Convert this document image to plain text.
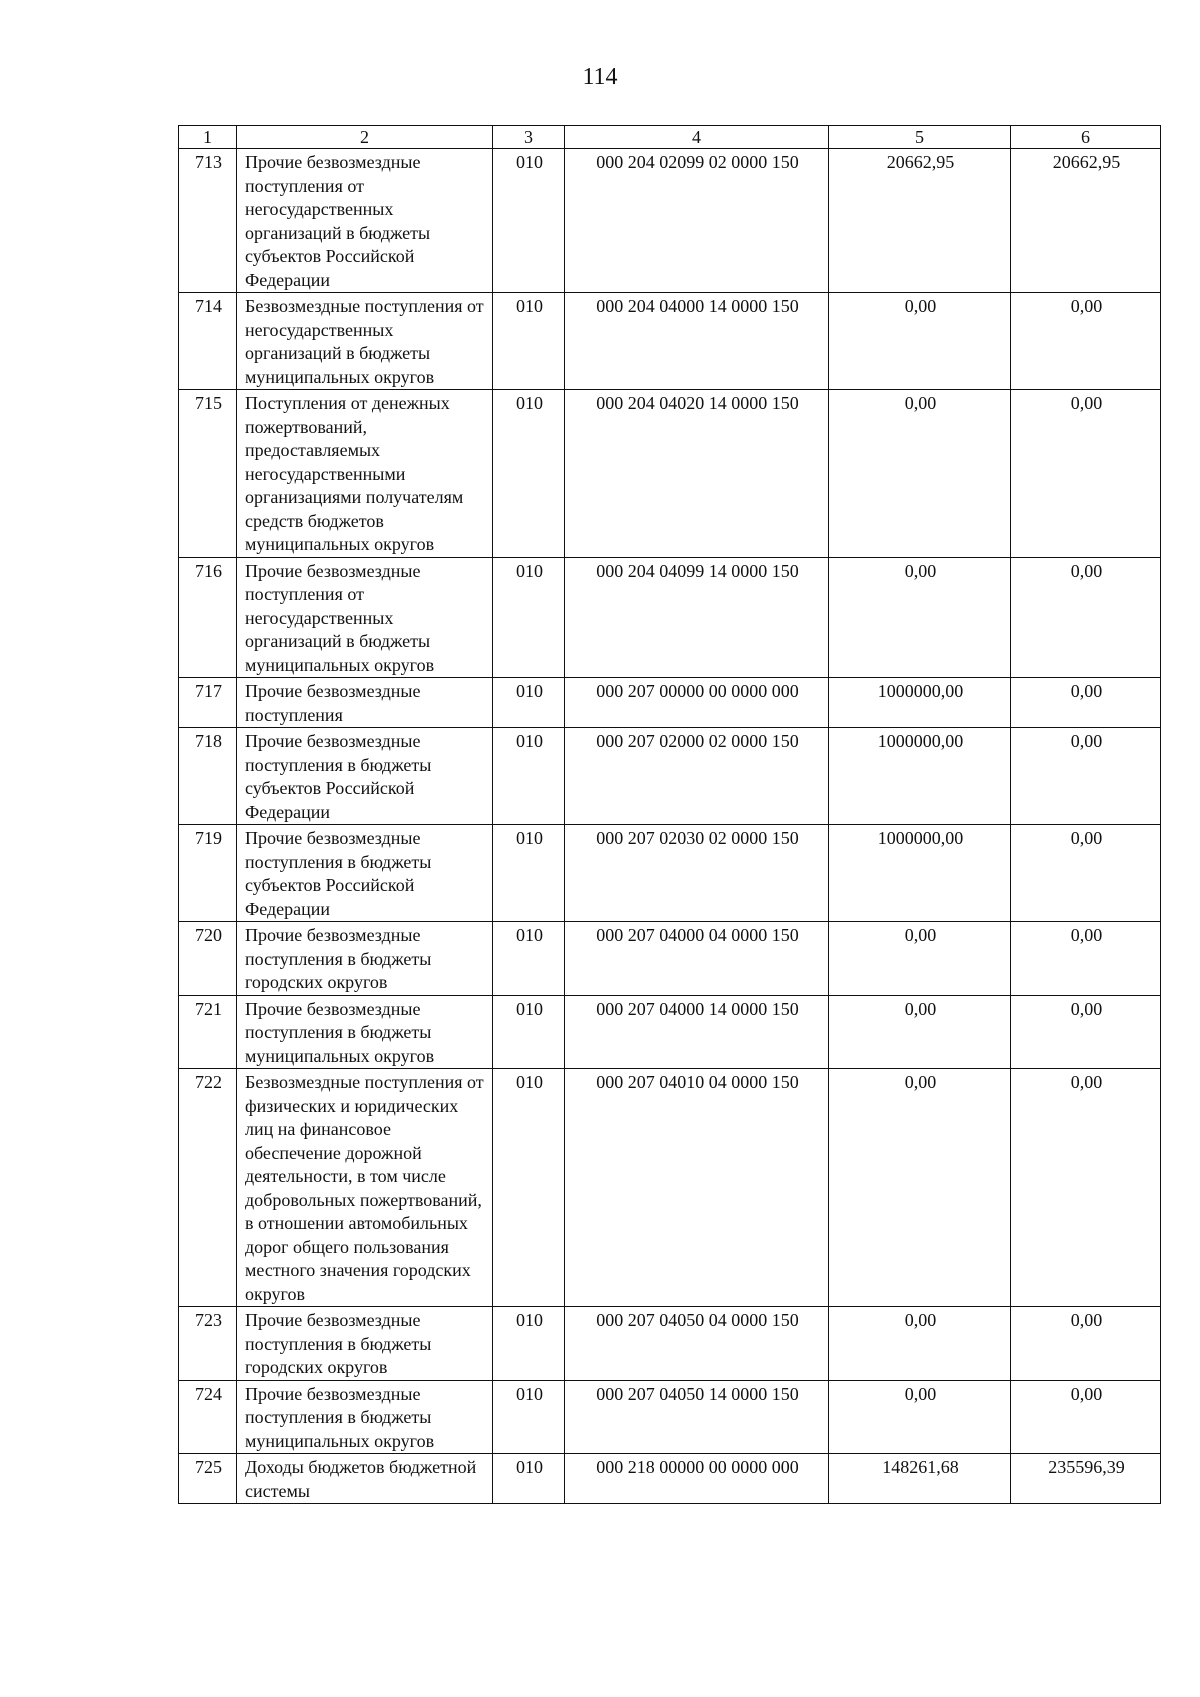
114
1	2	3	4	5	6
713	Прочие безвозмездные поступления от негосударственных организаций в бюджеты субъектов Российской Федерации	010	000 204 02099 02 0000 150	20662,95	20662,95
714	Безвозмездные поступления от негосударственных организаций в бюджеты муниципальных округов	010	000 204 04000 14 0000 150	0,00	0,00
715	Поступления от денежных пожертвований, предоставляемых негосударственными организациями получателям средств бюджетов муниципальных округов	010	000 204 04020 14 0000 150	0,00	0,00
716	Прочие безвозмездные поступления от негосударственных организаций в бюджеты муниципальных округов	010	000 204 04099 14 0000 150	0,00	0,00
717	Прочие безвозмездные поступления	010	000 207 00000 00 0000 000	1000000,00	0,00
718	Прочие безвозмездные поступления в бюджеты субъектов Российской Федерации	010	000 207 02000 02 0000 150	1000000,00	0,00
719	Прочие безвозмездные поступления в бюджеты субъектов Российской Федерации	010	000 207 02030 02 0000 150	1000000,00	0,00
720	Прочие безвозмездные поступления в бюджеты городских округов	010	000 207 04000 04 0000 150	0,00	0,00
721	Прочие безвозмездные поступления в бюджеты муниципальных округов	010	000 207 04000 14 0000 150	0,00	0,00
722	Безвозмездные поступления от физических и юридических лиц на финансовое обеспечение дорожной деятельности, в том числе добровольных пожертвований, в отношении автомобильных дорог общего пользования местного значения городских округов	010	000 207 04010 04 0000 150	0,00	0,00
723	Прочие безвозмездные поступления в бюджеты городских округов	010	000 207 04050 04 0000 150	0,00	0,00
724	Прочие безвозмездные поступления в бюджеты муниципальных округов	010	000 207 04050 14 0000 150	0,00	0,00
725	Доходы бюджетов бюджетной системы	010	000 218 00000 00 0000 000	148261,68	235596,39
